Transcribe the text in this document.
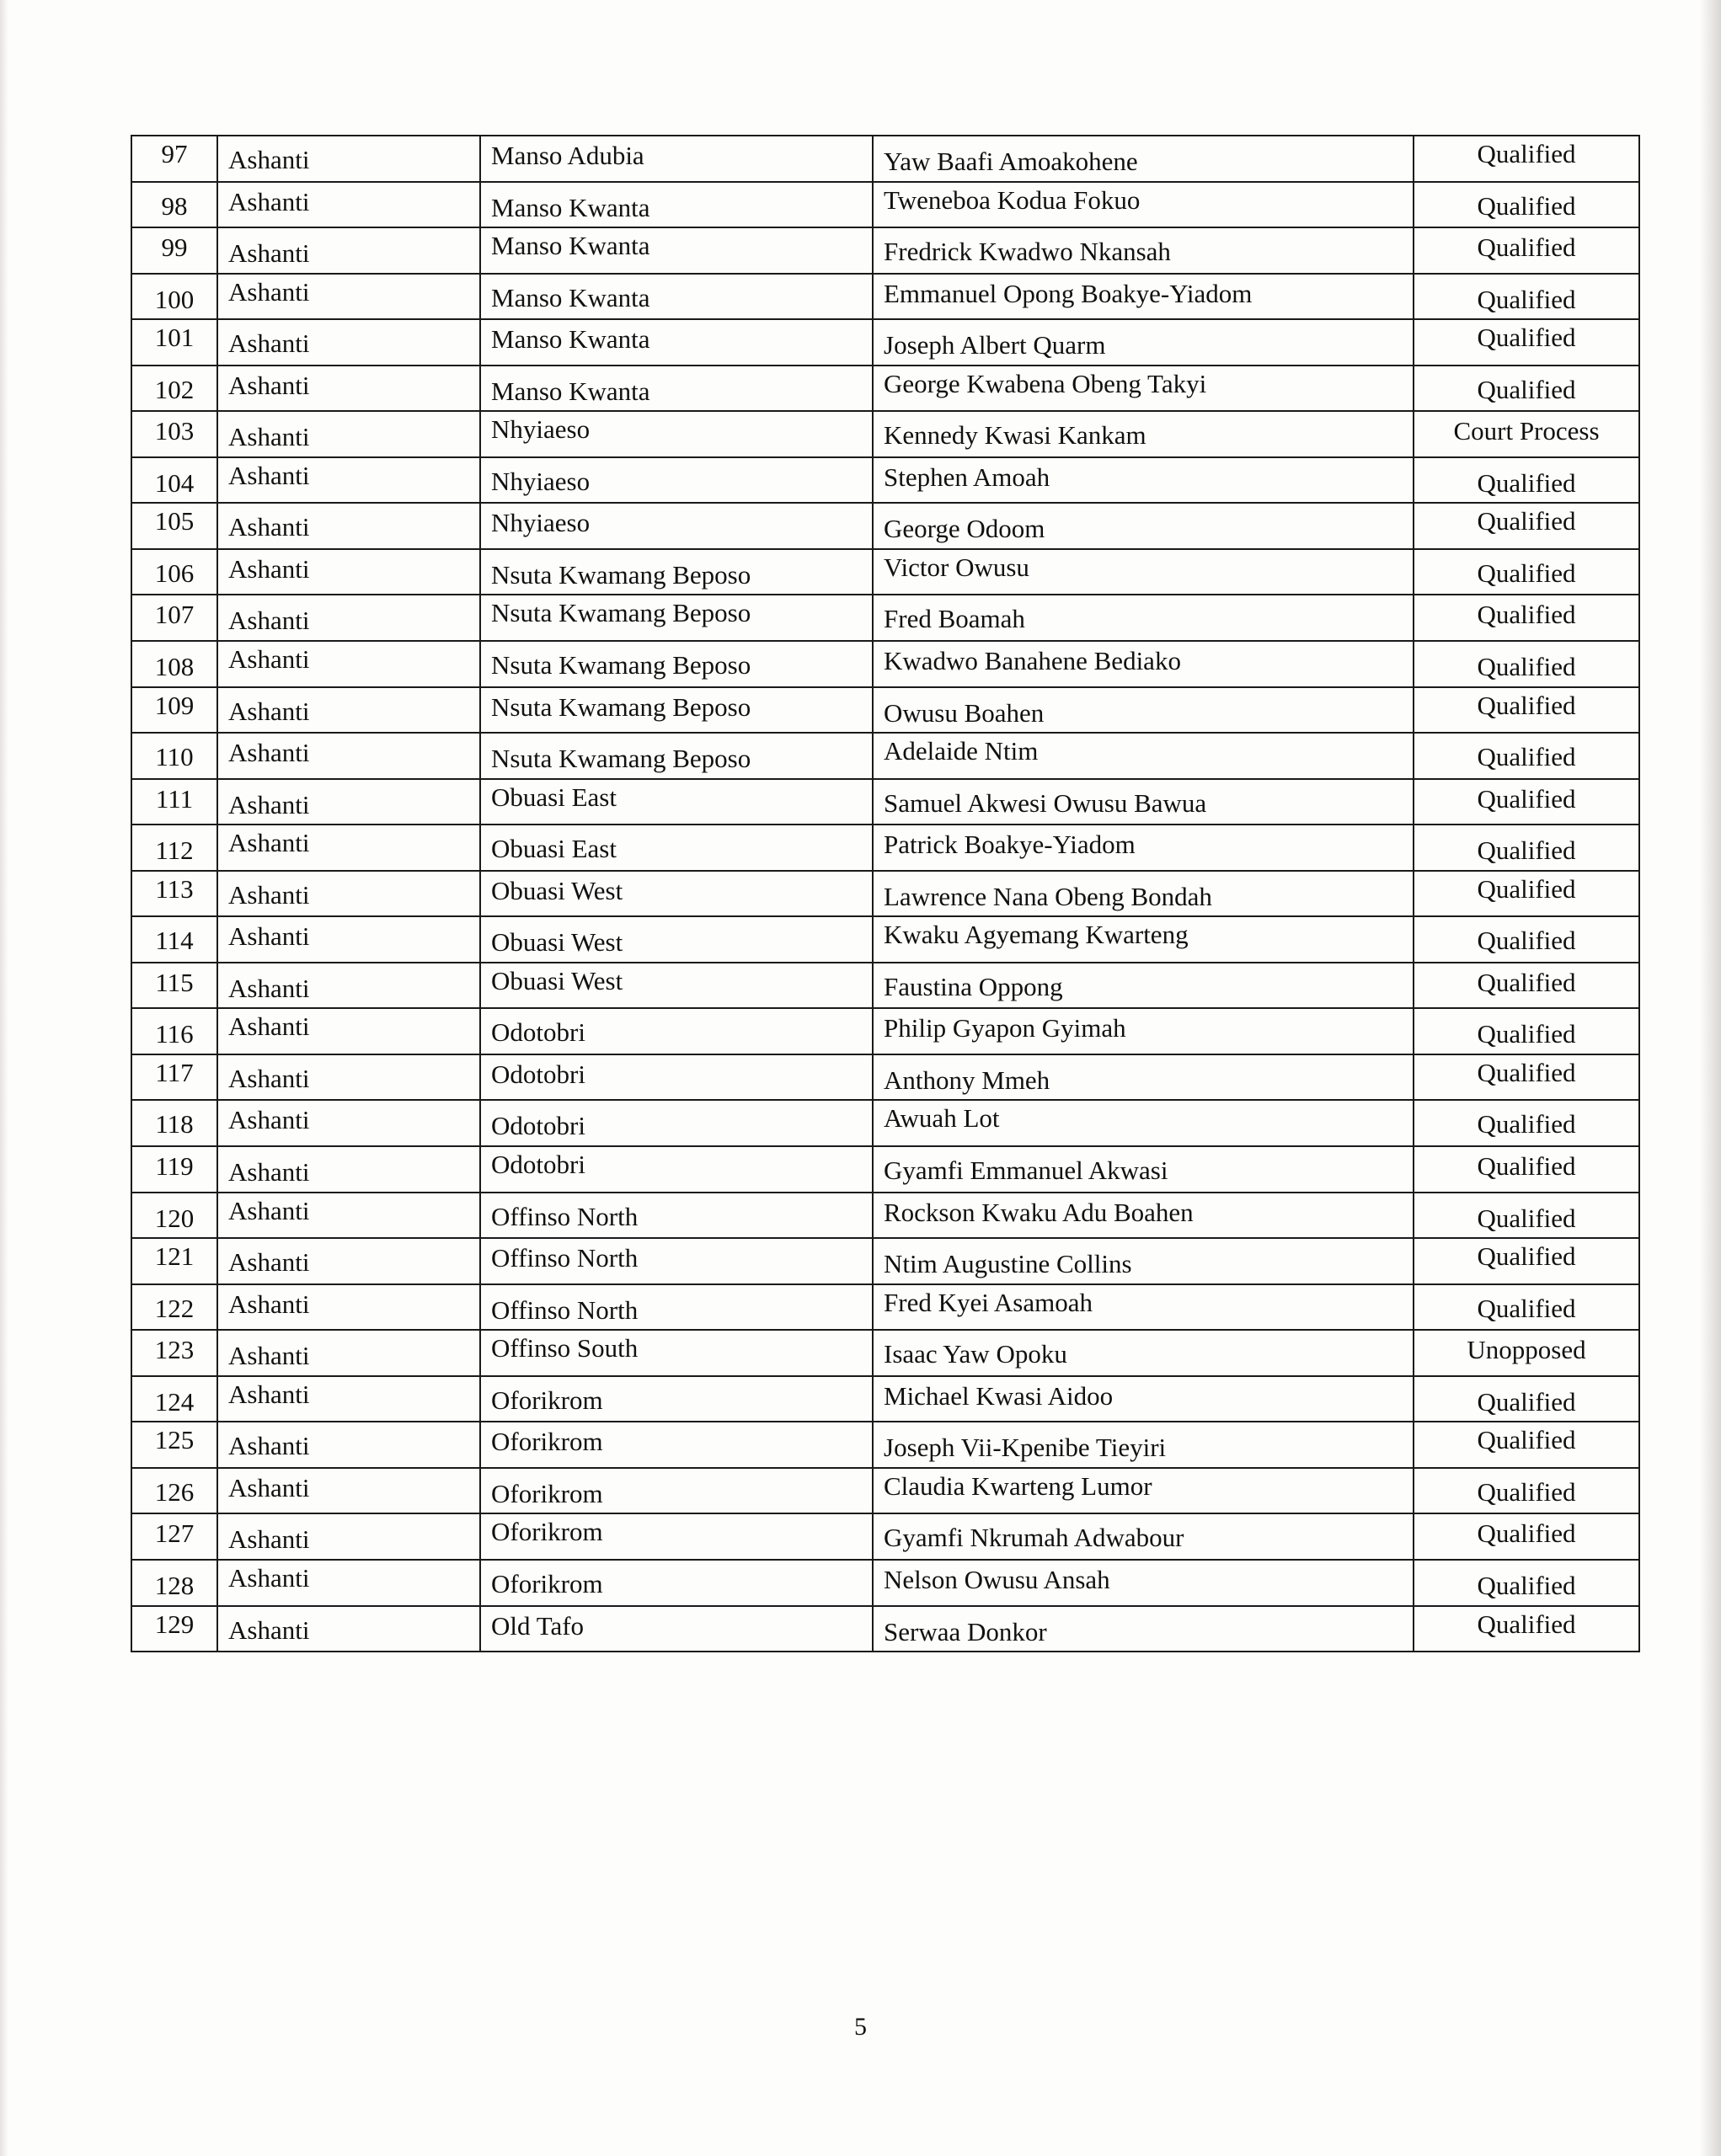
97	Ashanti	Manso Adubia	Yaw Baafi Amoakohene	Qualified

98	Ashanti	Manso Kwanta	Tweneboa Kodua Fokuo	Qualified

99	Ashanti	Manso Kwanta	Fredrick Kwadwo Nkansah	Qualified

100	Ashanti	Manso Kwanta	Emmanuel Opong Boakye-Yiadom	Qualified

101	Ashanti	Manso Kwanta	Joseph Albert Quarm	Qualified

102	Ashanti	Manso Kwanta	George Kwabena Obeng Takyi	Qualified

103	Ashanti	Nhyiaeso	Kennedy Kwasi Kankam	Court Process

104	Ashanti	Nhyiaeso	Stephen Amoah	Qualified

105	Ashanti	Nhyiaeso	George Odoom	Qualified

106	Ashanti	Nsuta Kwamang Beposo	Victor Owusu	Qualified

107	Ashanti	Nsuta Kwamang Beposo	Fred Boamah	Qualified

108	Ashanti	Nsuta Kwamang Beposo	Kwadwo Banahene Bediako	Qualified

109	Ashanti	Nsuta Kwamang Beposo	Owusu Boahen	Qualified

110	Ashanti	Nsuta Kwamang Beposo	Adelaide Ntim	Qualified

111	Ashanti	Obuasi East	Samuel Akwesi Owusu Bawua	Qualified

112	Ashanti	Obuasi East	Patrick Boakye-Yiadom	Qualified

113	Ashanti	Obuasi West	Lawrence Nana Obeng Bondah	Qualified

114	Ashanti	Obuasi West	Kwaku Agyemang Kwarteng	Qualified

115	Ashanti	Obuasi West	Faustina Oppong	Qualified

116	Ashanti	Odotobri	Philip Gyapon Gyimah	Qualified

117	Ashanti	Odotobri	Anthony Mmeh	Qualified

118	Ashanti	Odotobri	Awuah Lot	Qualified

119	Ashanti	Odotobri	Gyamfi Emmanuel Akwasi	Qualified

120	Ashanti	Offinso North	Rockson Kwaku Adu Boahen	Qualified

121	Ashanti	Offinso North	Ntim Augustine Collins	Qualified

122	Ashanti	Offinso North	Fred Kyei Asamoah	Qualified

123	Ashanti	Offinso South	Isaac Yaw Opoku	Unopposed

124	Ashanti	Oforikrom	Michael Kwasi Aidoo	Qualified

125	Ashanti	Oforikrom	Joseph Vii-Kpenibe Tieyiri	Qualified

126	Ashanti	Oforikrom	Claudia Kwarteng Lumor	Qualified

127	Ashanti	Oforikrom	Gyamfi Nkrumah Adwabour	Qualified

128	Ashanti	Oforikrom	Nelson Owusu Ansah	Qualified

129	Ashanti	Old Tafo	Serwaa Donkor	Qualified
5
